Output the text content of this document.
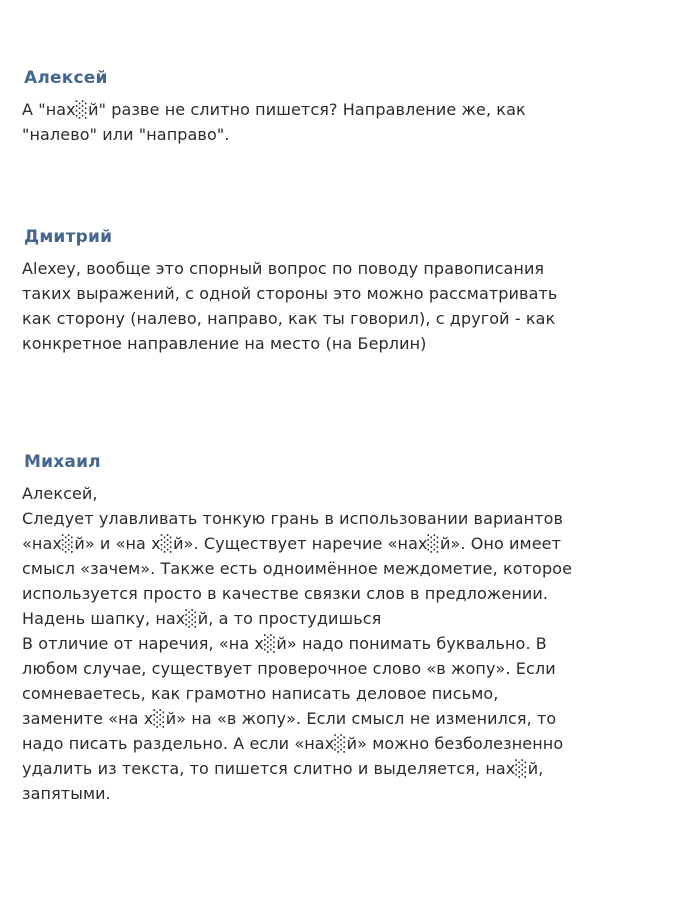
Алексей
А "нах░й" разве не слитно пишется? Направление же, как
"налево" или "направо".
Дмитрий
Alexey, вообще это спорный вопрос по поводу правописания
таких выражений, с одной стороны это можно рассматривать
как сторону (налево, направо, как ты говорил), с другой - как
конкретное направление на место (на Берлин)
Михаил
Алексей,
Следует улавливать тонкую грань в использовании вариантов
«нах░й» и «на х░й». Существует наречие «нах░й». Оно имеет
смысл «зачем». Также есть одноимённое междометие, которое
используется просто в качестве связки слов в предложении.
Надень шапку, нах░й, а то простудишься
В отличие от наречия, «на х░й» надо понимать буквально. В
любом случае, существует проверочное слово «в жопу». Если
сомневаетесь, как грамотно написать деловое письмо,
замените «на х░й» на «в жопу». Если смысл не изменился, то
надо писать раздельно. А если «нах░й» можно безболезненно
удалить из текста, то пишется слитно и выделяется, нах░й,
запятыми.
